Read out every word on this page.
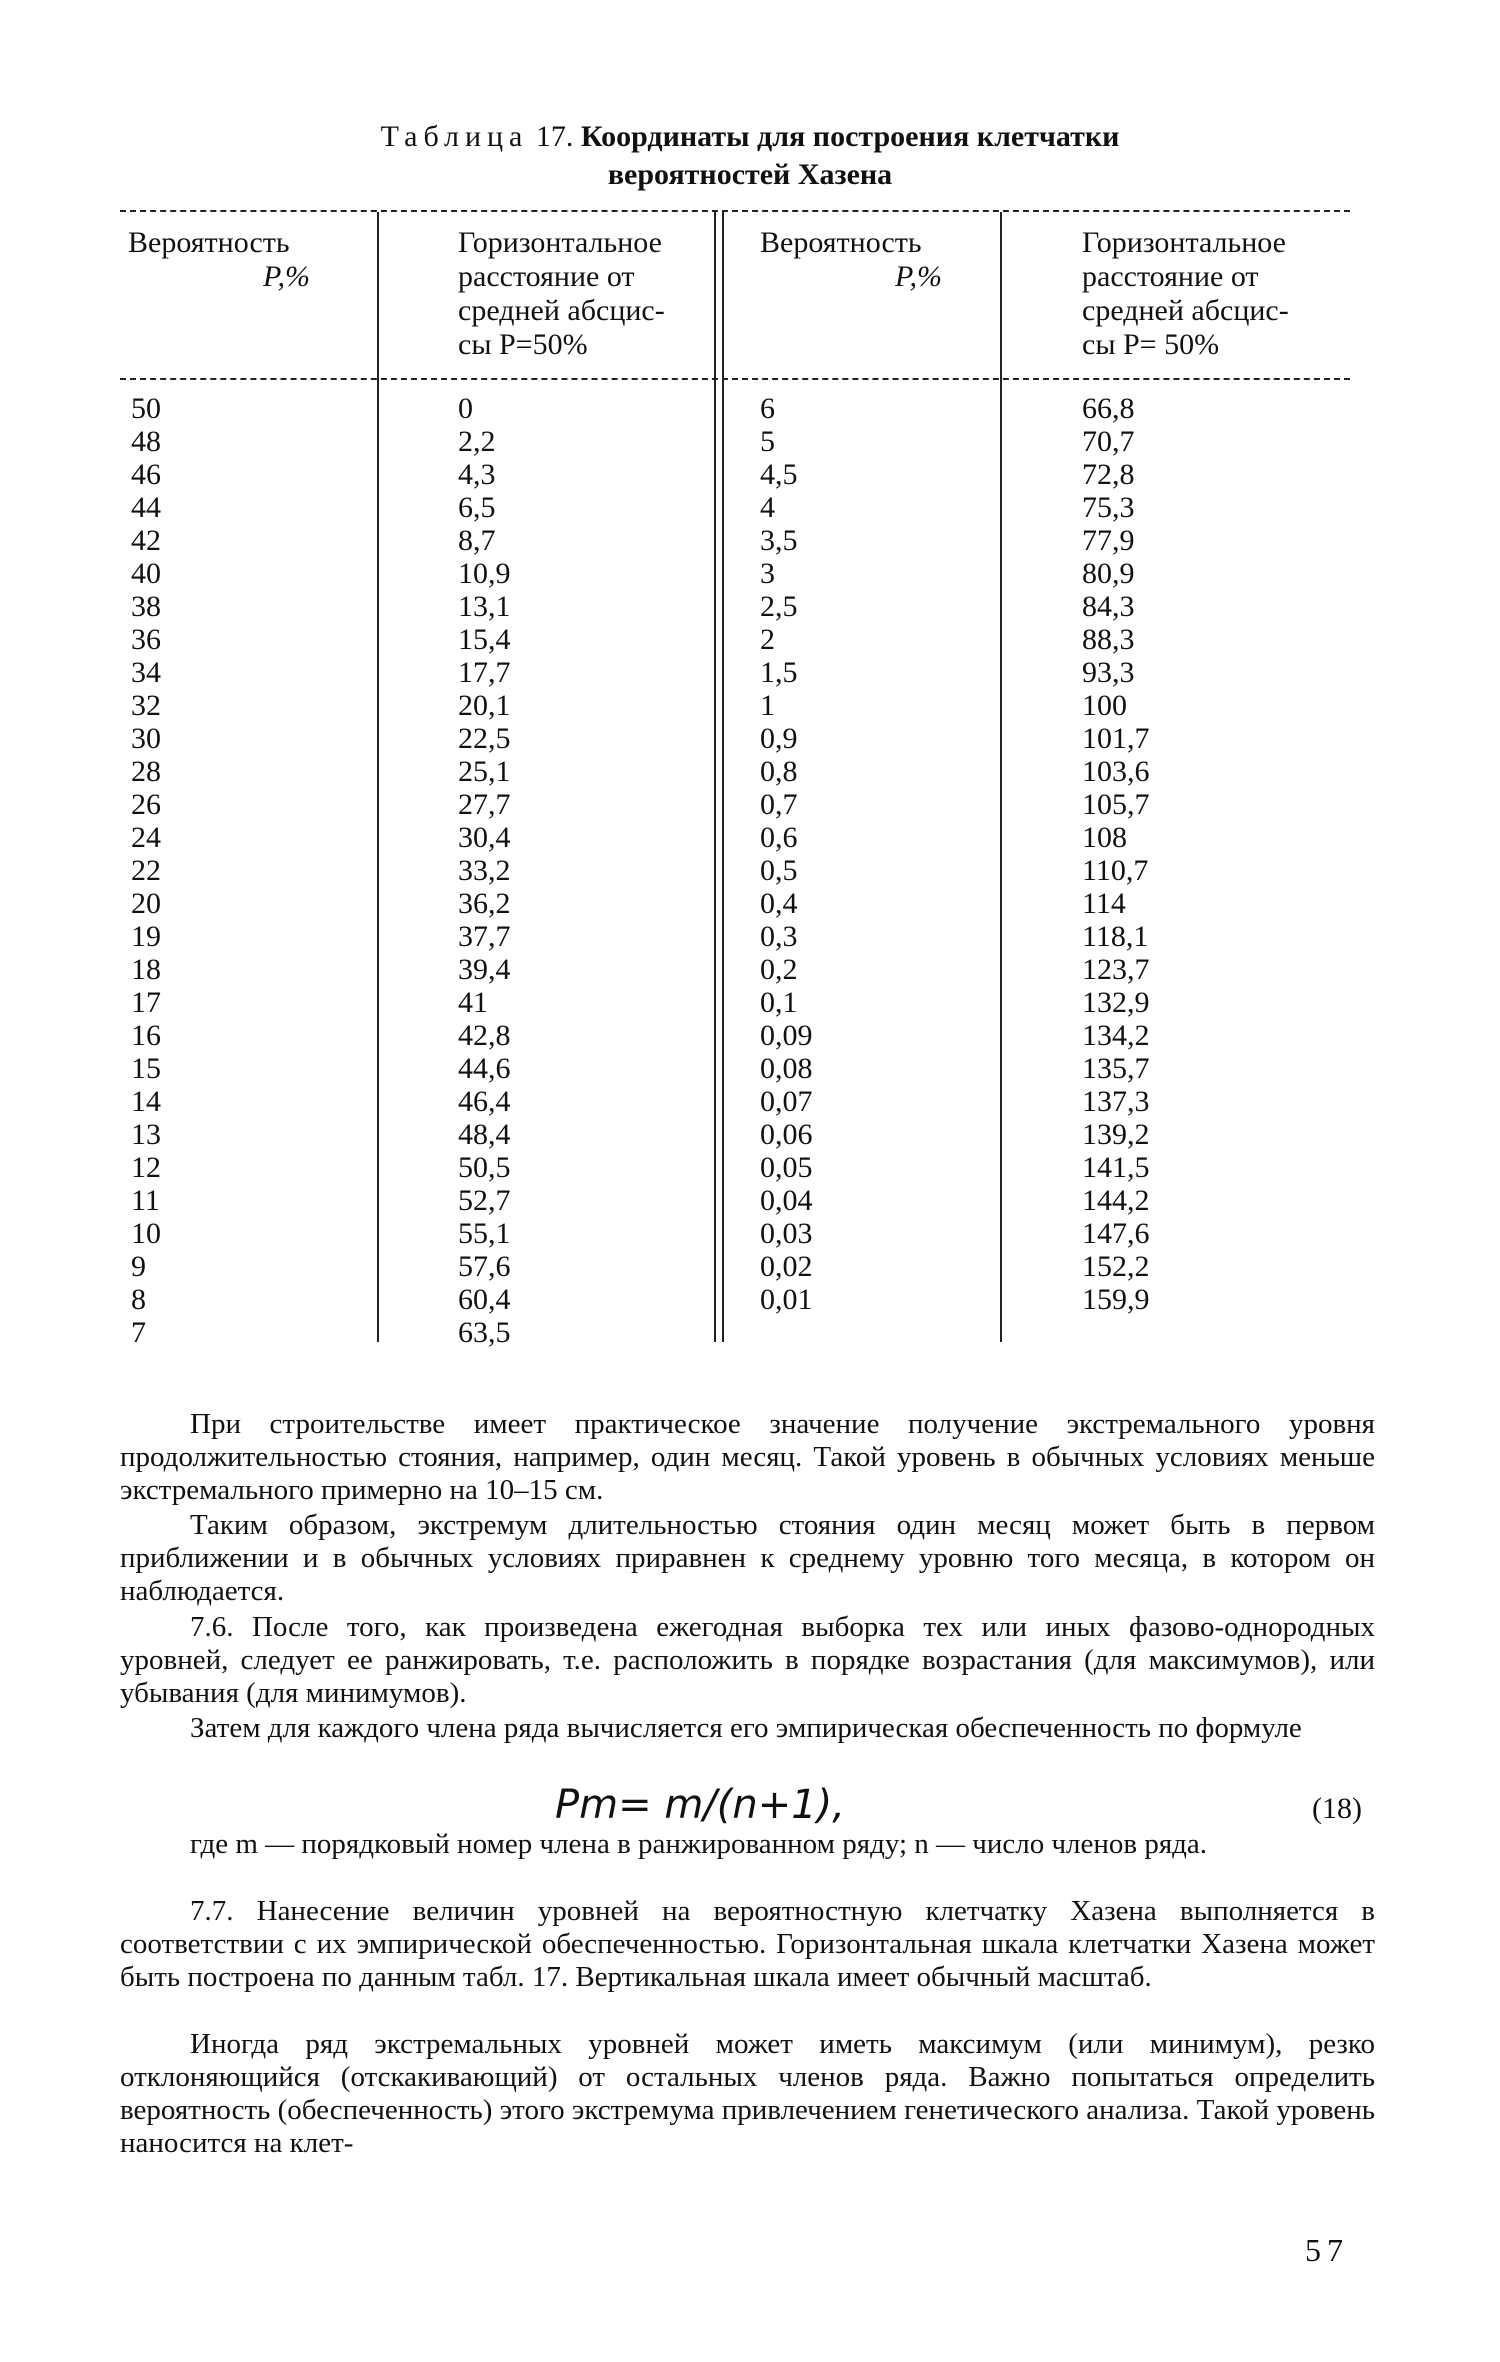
Таблица 17. Координаты для построения клетчатки
вероятностей Хазена
Вероятность
P,%
Горизонтальное
расстояние от
средней абсцис-
сы P=50%
Вероятность
P,%
Горизонтальное
расстояние от
средней абсцис-
сы P= 50%
50
48
46
44
42
40
38
36
34
32
30
28
26
24
22
20
19
18
17
16
15
14
13
12
11
10
9
8
7
0
2,2
4,3
6,5
8,7
10,9
13,1
15,4
17,7
20,1
22,5
25,1
27,7
30,4
33,2
36,2
37,7
39,4
41
42,8
44,6
46,4
48,4
50,5
52,7
55,1
57,6
60,4
63,5
6
5
4,5
4
3,5
3
2,5
2
1,5
1
0,9
0,8
0,7
0,6
0,5
0,4
0,3
0,2
0,1
0,09
0,08
0,07
0,06
0,05
0,04
0,03
0,02
0,01
66,8
70,7
72,8
75,3
77,9
80,9
84,3
88,3
93,3
100
101,7
103,6
105,7
108
110,7
114
118,1
123,7
132,9
134,2
135,7
137,3
139,2
141,5
144,2
147,6
152,2
159,9
При строительстве имеет практическое значение получение экстремального уровня продолжительностью стояния, например, один месяц. Такой уровень в обычных условиях меньше экстремального примерно на 10–15 см.
Таким образом, экстремум длительностью стояния один месяц может быть в первом приближении и в обычных условиях приравнен к среднему уровню того месяца, в котором он наблюдается.
7.6. После того, как произведена ежегодная выборка тех или иных фазово-однородных уровней, следует ее ранжировать, т.е. расположить в порядке возрастания (для максимумов), или убывания (для минимумов).
Затем для каждого члена ряда вычисляется его эмпирическая обеспеченность по формуле
Pm= m/(n+1),	(18)
где m — порядковый номер члена в ранжированном ряду; n — число членов ряда.
7.7. Нанесение величин уровней на вероятностную клетчатку Хазена выполняется в соответствии с их эмпирической обеспеченностью. Горизонтальная шкала клетчатки Хазена может быть построена по данным табл. 17. Вертикальная шкала имеет обычный масштаб.
Иногда ряд экстремальных уровней может иметь максимум (или минимум), резко отклоняющийся (отскакивающий) от остальных членов ряда. Важно попытаться определить вероятность (обеспеченность) этого экстремума привлечением генетического анализа. Такой уровень наносится на клет-
57
